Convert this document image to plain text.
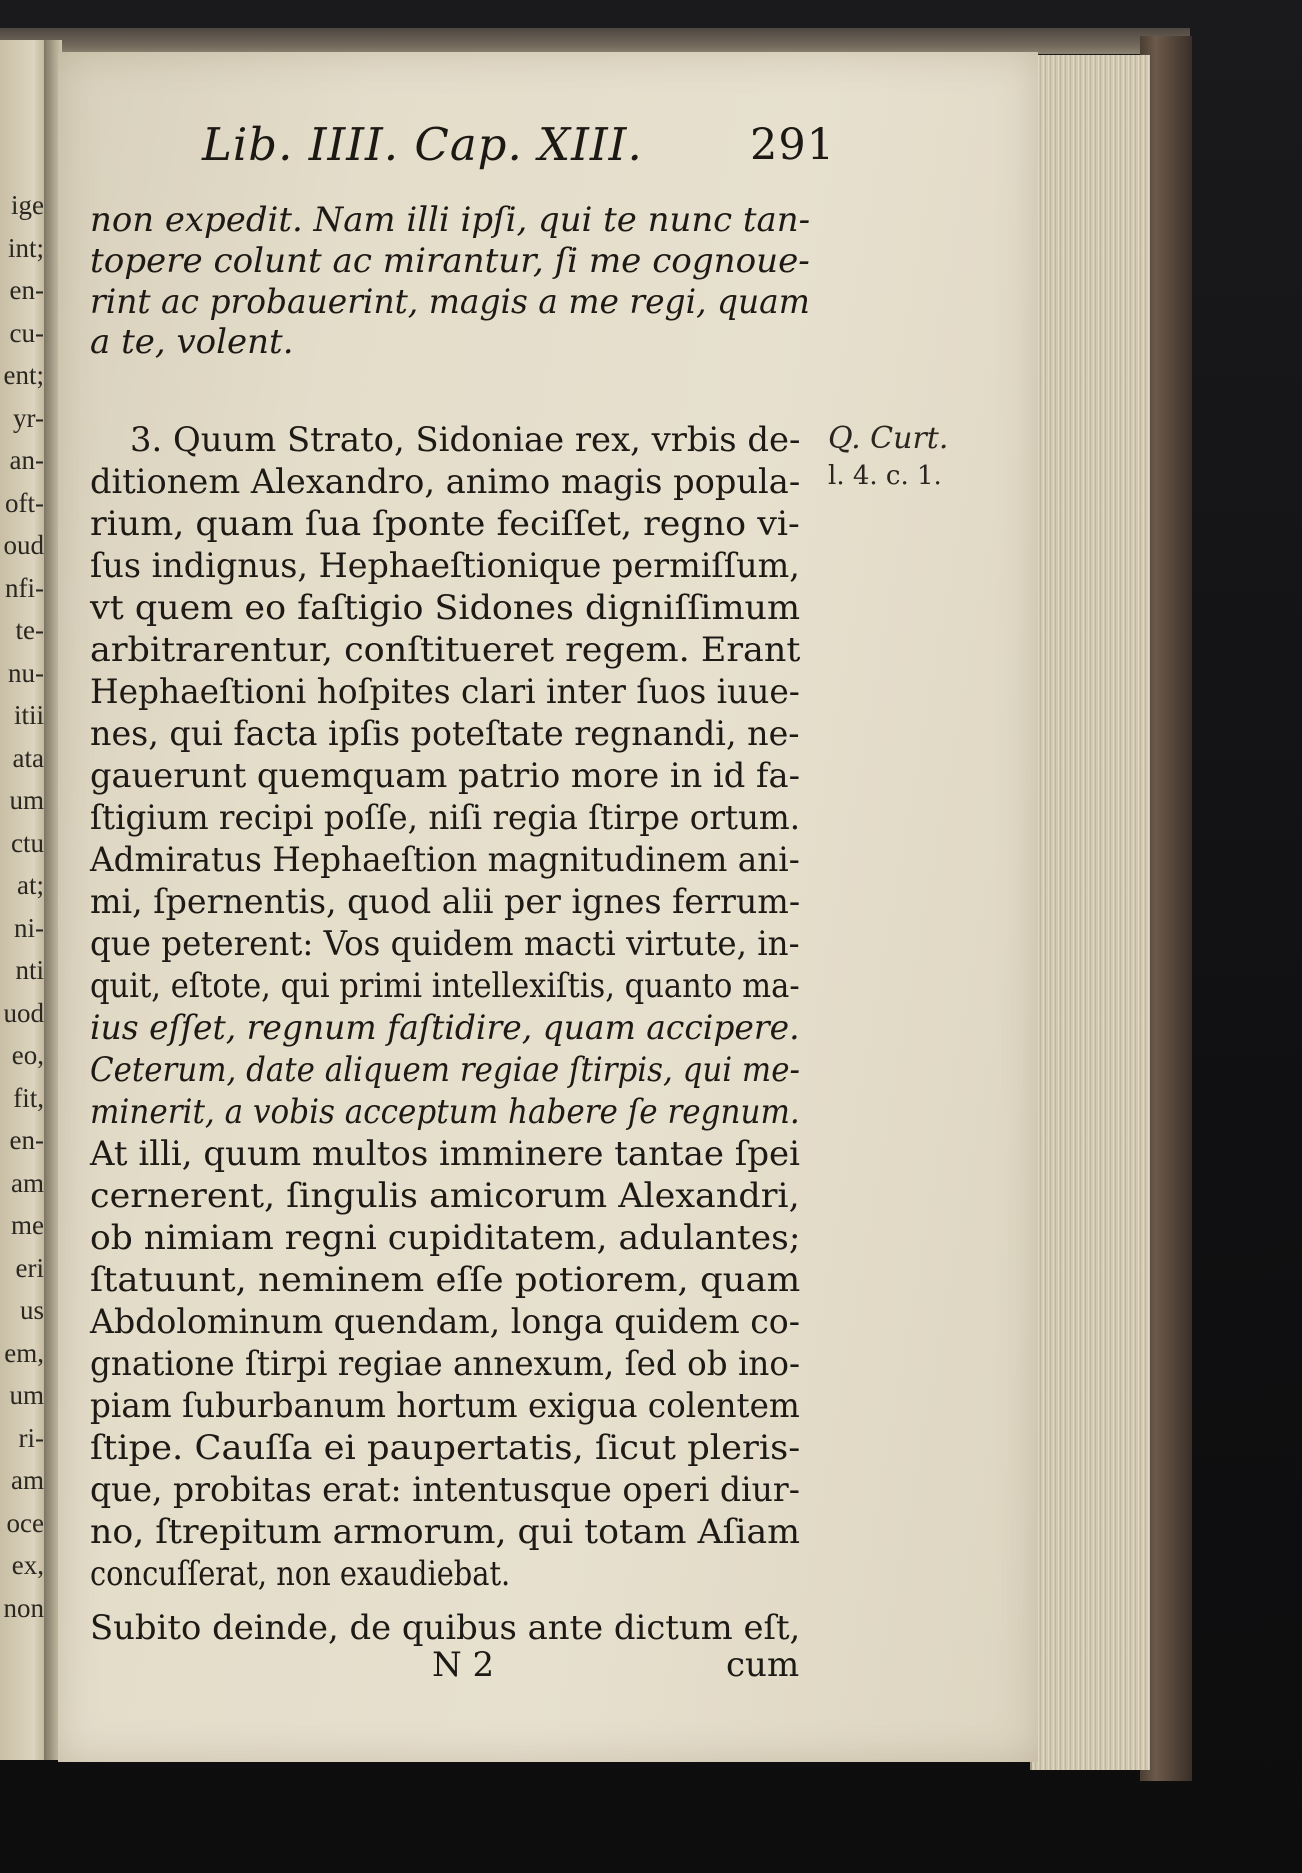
ige
int;
en-
cu-
ent;
yr-
an-
oft-
oud
nfi-
te-
nu-
itii
ata
um
ctu
at;
ni-
nti
uod
eo,
fit,
en-
am
me
eri
us
em,
um
ri-
am
oce
ex,
non
Lib. IIII. Cap. XIII. 291
non expedit. Nam illi ipſi, qui te nunc tan-
topere colunt ac mirantur, ſi me cognoue-
rint ac probauerint, magis a me regi, quam
a te, volent.
3. Quum Strato, Sidoniae rex, vrbis de-
ditionem Alexandro, animo magis popula-
rium, quam ſua ſponte feciſſet, regno vi-
ſus indignus, Hephaeſtionique permiſſum,
vt quem eo faſtigio Sidones digniſſimum
arbitrarentur, conſtitueret regem. Erant
Hephaeſtioni hoſpites clari inter ſuos iuue-
nes, qui facta ipſis poteſtate regnandi, ne-
gauerunt quemquam patrio more in id fa-
ſtigium recipi poſſe, niſi regia ſtirpe ortum.
Admiratus Hephaeſtion magnitudinem ani-
mi, ſpernentis, quod alii per ignes ferrum-
que peterent: Vos quidem macti virtute, in-
quit, eſtote, qui primi intellexiſtis, quanto ma-
ius eſſet, regnum faſtidire, quam accipere.
Ceterum, date aliquem regiae ſtirpis, qui me-
minerit, a vobis acceptum habere ſe regnum.
At illi, quum multos imminere tantae ſpei
cernerent, ſingulis amicorum Alexandri,
ob nimiam regni cupiditatem, adulantes;
ſtatuunt, neminem eſſe potiorem, quam
Abdolominum quendam, longa quidem co-
gnatione ſtirpi regiae annexum, ſed ob ino-
piam ſuburbanum hortum exigua colentem
ſtipe. Cauſſa ei paupertatis, ſicut pleris-
que, probitas erat: intentusque operi diur-
no, ſtrepitum armorum, qui totam Aſiam
concuſſerat, non exaudiebat.
Subito deinde, de quibus ante dictum eſt,
Q. Curt.
l. 4. c. 1.
N 2	cum
